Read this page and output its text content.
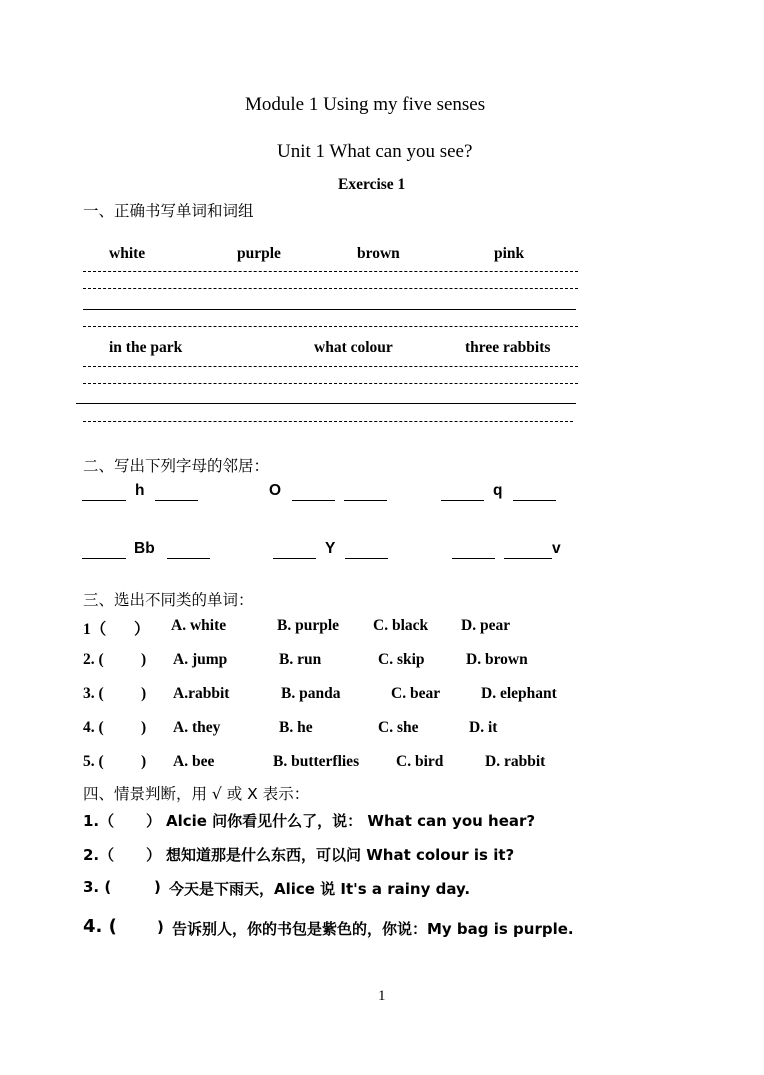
Module 1 Using my five senses
Unit 1 What can you see?
Exercise 1
一、正确书写单词和词组
white	purple	brown	pink
in the park	what colour	three rabbits
二、写出下列字母的邻居：
h	O	q
Bb	Y	v
三、选出不同类的单词：
1（ ） A. white	B. purple C. black D. pear
2. ( ) A. jump	B. run	C. skip	D. brown
3. ( ) A.rabbit	B. panda	C. bear	D. elephant
4. ( ) A. they	B. he	C. she	D. it
5. ( ) A. bee	B. butterflies C. bird	D. rabbit
四、情景判断，用 √ 或 X 表示：
1.（ ） Alcie 问你看见什么了，说： What can you hear?
2.（ ） 想知道那是什么东西，可以问 What colour is it?
3. (	) 今天是下雨天，Alice 说 It's a rainy day.
4. (	) 告诉别人，你的书包是紫色的，你说：My bag is purple.
1
